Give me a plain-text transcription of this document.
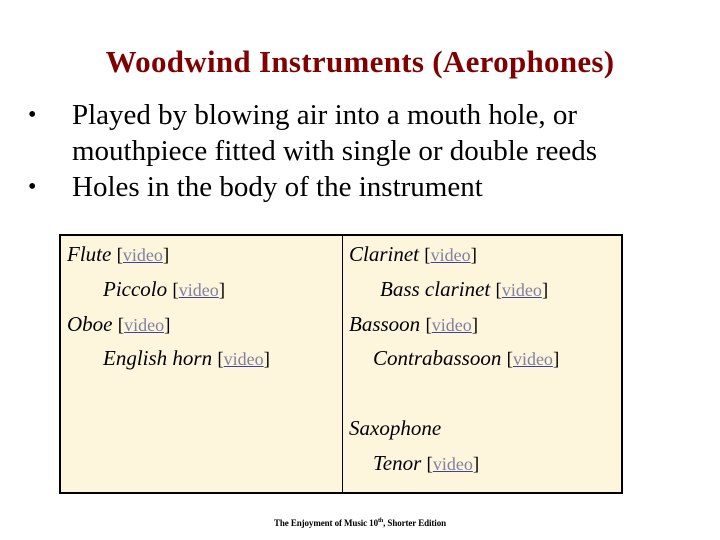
Woodwind Instruments (Aerophones)
• Played by blowing air into a mouth hole, or mouthpiece fitted with single or double reeds
• Holes in the body of the instrument
Flute [video]
Piccolo [video]
Oboe [video]
English horn [video]
Clarinet [video]
Bass clarinet [video]
Bassoon [video]
Contrabassoon [video]
Saxophone
Tenor [video]
The Enjoyment of Music 10th, Shorter Edition
